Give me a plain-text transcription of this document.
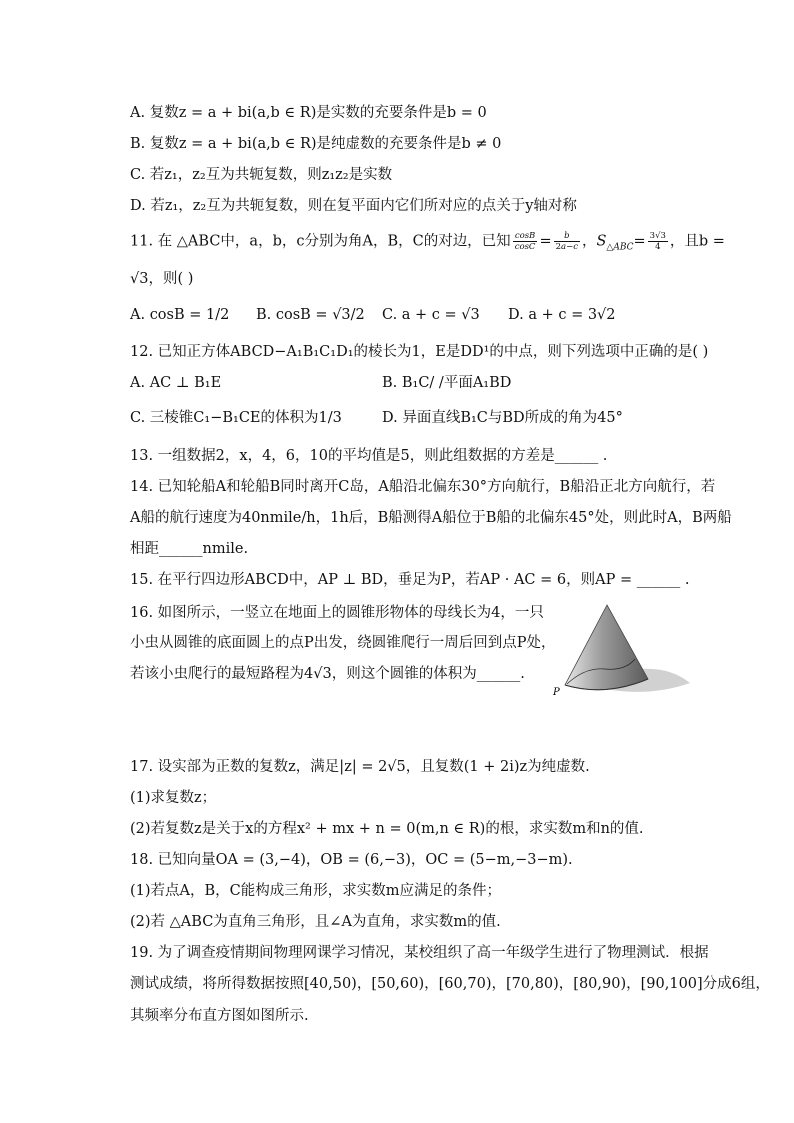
A. 复数z = a + bi(a,b ∈ R)是实数的充要条件是b = 0
B. 复数z = a + bi(a,b ∈ R)是纯虚数的充要条件是b ≠ 0
C. 若z₁，z₂互为共轭复数，则z₁z₂是实数
D. 若z₁，z₂互为共轭复数，则在复平面内它们所对应的点关于y轴对称
11. 在 △ABC中，a，b，c分别为角A，B，C的对边，已知 $\frac{\cos B}{\cos C} = \frac{b}{2a-c}$ ，$S_{\triangle ABC}= \frac{3√3}{4}$ ，且b =
√3，则( )
A. cosB = 1/2 B. cosB = √3/2 C. a + c = √3 D. a + c = 3√2
12. 已知正方体ABCD−A₁B₁C₁D₁的棱长为1，E是DD¹的中点，则下列选项中正确的是( )
A. AC ⊥ B₁E	B. B₁C/ /平面A₁BD
C. 三棱锥C₁−B₁CE的体积为1/3	D. 异面直线B₁C与BD所成的角为45°
13. 一组数据2，x，4，6，10的平均值是5，则此组数据的方差是______ .
14. 已知轮船A和轮船B同时离开C岛，A船沿北偏东30°方向航行，B船沿正北方向航行，若
A船的航行速度为40nmile/h，1h后，B船测得A船位于B船的北偏东45°处，则此时A，B两船
相距______nmile.
15. 在平行四边形ABCD中，AP ⊥ BD，垂足为P，若AP · AC = 6，则AP = ______ .
16. 如图所示，一竖立在地面上的圆锥形物体的母线长为4，一只
小虫从圆锥的底面圆上的点P出发，绕圆锥爬行一周后回到点P处，
若该小虫爬行的最短路程为4√3，则这个圆锥的体积为______.
P
17. 设实部为正数的复数z，满足|z| = 2√5，且复数(1 + 2i)z为纯虚数.
(1)求复数z；
(2)若复数z是关于x的方程x² + mx + n = 0(m,n ∈ R)的根，求实数m和n的值.
18. 已知向量OA = (3,−4)，OB = (6,−3)，OC = (5−m,−3−m).
(1)若点A，B，C能构成三角形，求实数m应满足的条件；
(2)若 △ABC为直角三角形，且∠A为直角，求实数m的值.
19. 为了调查疫情期间物理网课学习情况，某校组织了高一年级学生进行了物理测试．根据
测试成绩，将所得数据按照[40,50)，[50,60)，[60,70)，[70,80)，[80,90)，[90,100]分成6组，
其频率分布直方图如图所示.
